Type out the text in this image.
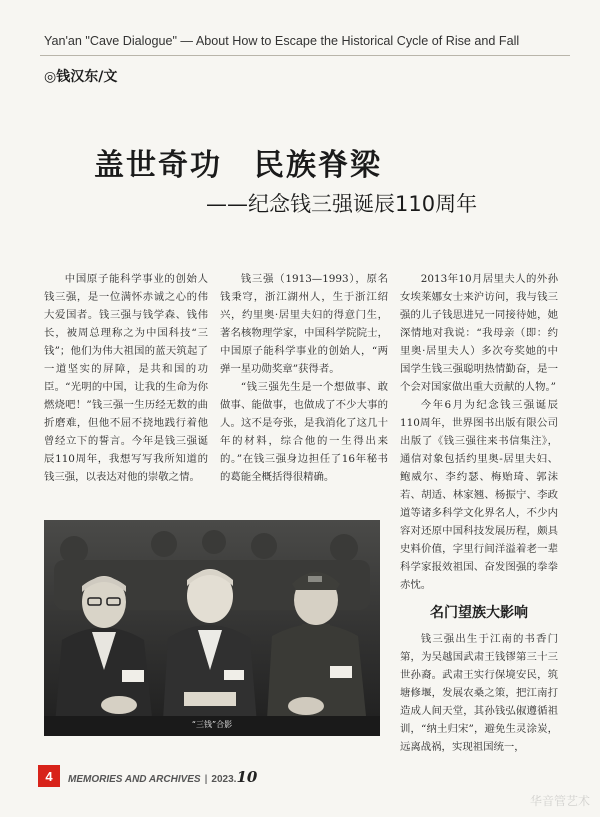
Yan'an "Cave Dialogue" — About How to Escape the Historical Cycle of Rise and Fall
◎钱汉东/文
盖世奇功　民族脊梁
——纪念钱三强诞辰110周年

中国原子能科学事业的创始人钱三强，是一位满怀赤诚之心的伟大爱国者。钱三强与钱学森、钱伟长，被周总理称之为中国科技“三钱”；他们为伟大祖国的蓝天筑起了一道坚实的屏障，是共和国的功臣。“光明的中国，让我的生命为你燃烧吧！”钱三强一生历经无数的曲折磨难，但他不屈不挠地践行着他曾经立下的誓言。今年是钱三强诞辰110周年，我想写写我所知道的钱三强，以表达对他的崇敬之情。

钱三强（1913—1993），原名钱秉穹，浙江湖州人，生于浙江绍兴，约里奥·居里夫妇的得意门生，著名核物理学家，中国科学院院士，中国原子能科学事业的创始人，“两弹一星功勋奖章”获得者。

“钱三强先生是一个想做事、敢做事、能做事，也做成了不少大事的人。这不是夸张，是我消化了这几十年的材料，综合他的一生得出来的。”在钱三强身边担任了16年秘书的葛能全概括得很精确。

2013年10月居里夫人的外孙女埃莱娜女士来沪访问，我与钱三强的儿子钱思进兄一同接待她，她深情地对我说：“我母亲（即：约里奥·居里夫人）多次夸奖她的中国学生钱三强聪明热情勤奋，是一个会对国家做出重大贡献的人物。”

今年6月为纪念钱三强诞辰110周年，世界图书出版有限公司出版了《钱三强往来书信集注》，通信对象包括约里奥-居里夫妇、鲍威尔、李约瑟、梅贻琦、郭沫若、胡适、林家翘、杨振宁、李政道等诸多科学文化界名人，不少内容对还原中国科技发展历程，颇具史料价值，字里行间洋溢着老一辈科学家报效祖国、奋发图强的拳拳赤忱。

名门望族大影响

钱三强出生于江南的书香门第，为吴越国武肃王钱镠第三十三世孙裔。武肃王实行保境安民，筑塘修堰，发展农桑之策，把江南打造成人间天堂，其孙钱弘俶遵循祖训，“纳土归宋”，避免生灵涂炭，远离战祸，实现祖国统一，

“三钱”合影
4	MEMORIES AND ARCHIVES | 2023.10
华音管艺术
